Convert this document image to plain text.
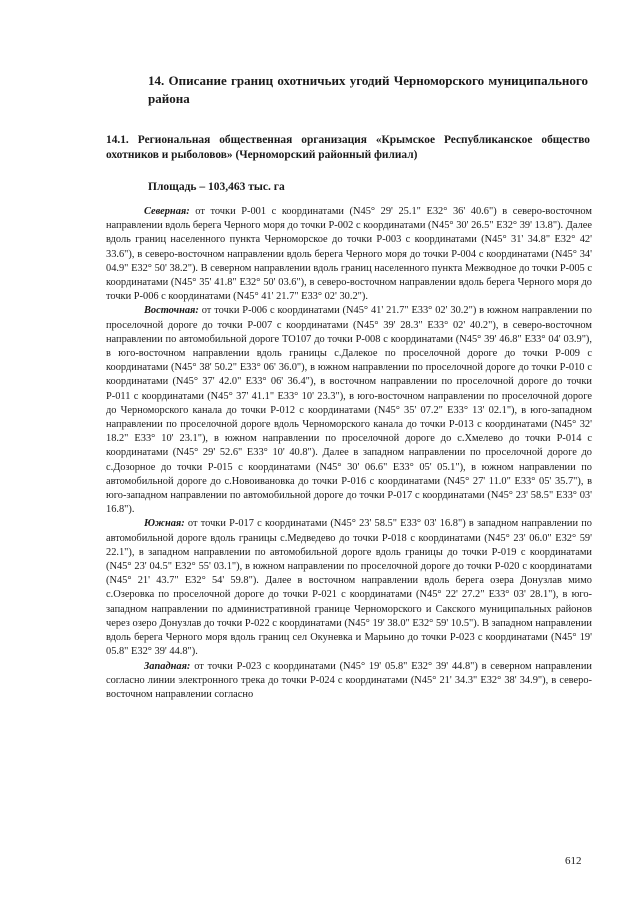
14. Описание границ охотничьих угодий Черноморского муниципального района
14.1. Региональная общественная организация «Крымское Республиканское общество охотников и рыболовов» (Черноморский районный филиал)
Площадь – 103,463 тыс. га

Северная: от точки Р-001 с координатами (N45° 29' 25.1" E32° 36' 40.6") в северо-восточном направлении вдоль берега Черного моря до точки Р-002 с координатами (N45° 30' 26.5" E32° 39' 13.8"). Далее вдоль границ населенного пункта Черноморское до точки Р-003 с координатами (N45° 31' 34.8" E32° 42' 33.6"), в северо-восточном направлении вдоль берега Черного моря до точки Р-004 с координатами (N45° 34' 04.9" E32° 50' 38.2"). В северном направлении вдоль границ населенного пункта Межводное до точки Р-005 с координатами (N45° 35' 41.8" E32° 50' 03.6"), в северо-восточном направлении вдоль берега Черного моря до точки Р-006 с координатами (N45° 41' 21.7" E33° 02' 30.2").

Восточная: от точки Р-006 с координатами (N45° 41' 21.7" E33° 02' 30.2") в южном направлении по проселочной дороге до точки Р-007 с координатами (N45° 39' 28.3" E33° 02' 40.2"), в северо-восточном направлении по автомобильной дороге ТО107 до точки Р-008 с координатами (N45° 39' 46.8" E33° 04' 03.9"), в юго-восточном направлении вдоль границы с.Далекое по проселочной дороге до точки Р-009 с координатами (N45° 38' 50.2" E33° 06' 36.0"), в южном направлении по проселочной дороге до точки Р-010 с координатами (N45° 37' 42.0" E33° 06' 36.4"), в восточном направлении по проселочной дороге до точки Р-011 с координатами (N45° 37' 41.1" E33° 10' 23.3"), в юго-восточном направлении по проселочной дороге до Черноморского канала до точки Р-012 с координатами (N45° 35' 07.2" E33° 13' 02.1"), в юго-западном направлении по проселочной дороге вдоль Черноморского канала до точки Р-013 с координатами (N45° 32' 18.2" E33° 10' 23.1"), в южном направлении по проселочной дороге до с.Хмелево до точки Р-014 с координатами (N45° 29' 52.6" E33° 10' 40.8"). Далее в западном направлении по проселочной дороге до с.Дозорное до точки Р-015 с координатами (N45° 30' 06.6" E33° 05' 05.1"), в южном направлении по автомобильной дороге до с.Новоивановка до точки Р-016 с координатами (N45° 27' 11.0" E33° 05' 35.7"), в юго-западном направлении по автомобильной дороге до точки Р-017 с координатами (N45° 23' 58.5" E33° 03' 16.8").

Южная: от точки Р-017 с координатами (N45° 23' 58.5" E33° 03' 16.8") в западном направлении по автомобильной дороге вдоль границы с.Медведево до точки Р-018 с координатами (N45° 23' 06.0" E32° 59' 22.1"), в западном направлении по автомобильной дороге вдоль границы до точки Р-019 с координатами (N45° 23' 04.5" E32° 55' 03.1"), в южном направлении по проселочной дороге до точки Р-020 с координатами (N45° 21' 43.7" E32° 54' 59.8"). Далее в восточном направлении вдоль берега озера Донузлав мимо с.Озеровка по проселочной дороге до точки Р-021 с координатами (N45° 22' 27.2" E33° 03' 28.1"), в юго-западном направлении по административной границе Черноморского и Сакского муниципальных районов через озеро Донузлав до точки Р-022 с координатами (N45° 19' 38.0" E32° 59' 10.5"). В западном направлении вдоль берега Черного моря вдоль границ сел Окуневка и Марьино до точки Р-023 с координатами (N45° 19' 05.8" E32° 39' 44.8").

Западная: от точки Р-023 с координатами (N45° 19' 05.8" E32° 39' 44.8") в северном направлении согласно линии электронного трека до точки Р-024 с координатами (N45° 21' 34.3" E32° 38' 34.9"), в северо-восточном направлении согласно

612
